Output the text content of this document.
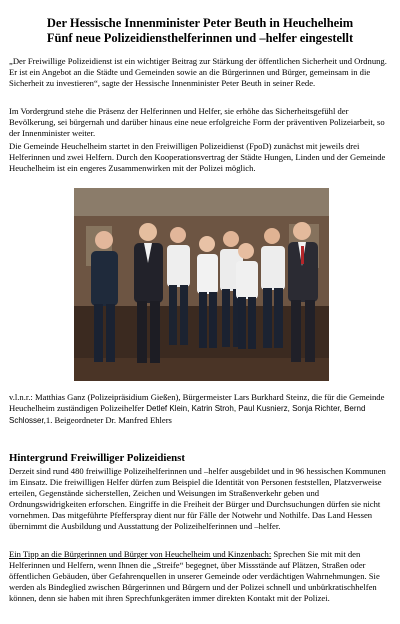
Der Hessische Innenminister Peter Beuth in Heuchelheim
Fünf neue Polizeidiensthelferinnen und –helfer eingestellt

„Der Freiwillige Polizeidienst ist ein wichtiger Beitrag zur Stärkung der öffentlichen Sicherheit und Ordnung. Er ist ein Angebot an die Städte und Gemeinden sowie an die Bürgerinnen und Bürger, gemeinsam in die Sicherheit zu investieren“, sagte der Hessische Innenminister Peter Beuth in seiner Rede.

Im Vordergrund stehe die Präsenz der Helferinnen und Helfer, sie erhöhe das Sicherheitsgefühl der Bevölkerung, sei bürgernah und darüber hinaus eine neue erfolgreiche Form der präventiven Polizeiarbeit, so der Innenminister weiter.

Die Gemeinde Heuchelheim startet in den Freiwilligen Polizeidienst (FpoD) zunächst mit jeweils drei Helferinnen und zwei Helfern. Durch den Kooperationsvertrag der Städte Hungen, Linden und der Gemeinde Heuchelheim ist ein engeres Zusammenwirken mit der Polizei möglich.

v.l.n.r.: Matthias Ganz (Polizeipräsidium Gießen), Bürgermeister Lars Burkhard Steinz, die für die Gemeinde Heuchelheim zuständigen Polizeihelfer Detlef Klein, Katrin Stroh, Paul Kusnierz, Sonja Richter, Bernd Schlosser,1. Beigeordneter Dr. Manfred Ehlers

Hintergrund Freiwilliger Polizeidienst

Derzeit sind rund 480 freiwillige Polizeihelferinnen und –helfer ausgebildet und in 96 hessischen Kommunen im Einsatz. Die freiwilligen Helfer dürfen zum Beispiel die Identität von Personen feststellen, Platzverweise erteilen, Gegenstände sicherstellen, Zeichen und Weisungen im Straßenverkehr geben und Ordnungswidrigkeiten erforschen. Eingriffe in die Freiheit der Bürger und Durchsuchungen dürfen sie nicht vornehmen. Das mitgeführte Pfefferspray dient nur für Fälle der Notwehr und Nothilfe. Das Land Hessen übernimmt die Ausbildung und Ausstattung der Polizeihelferinnen und –helfer.

Ein Tipp an die Bürgerinnen und Bürger von Heuchelheim und Kinzenbach: Sprechen Sie mit mit den Helferinnen und Helfern, wenn Ihnen die „Streife“ begegnet, über Missstände auf Plätzen, Straßen oder öffentlichen Gebäuden, über Gefahrenquellen in unserer Gemeinde oder verdächtigen Wahrnehmungen. Sie werden als Bindeglied zwischen Bürgerinnen und Bürgern und der Polizei schnell und unbürkratischhelfen können, denn sie haben mit ihren Sprechfunkgeräten immer direkten Kontakt mit der Polizei.
